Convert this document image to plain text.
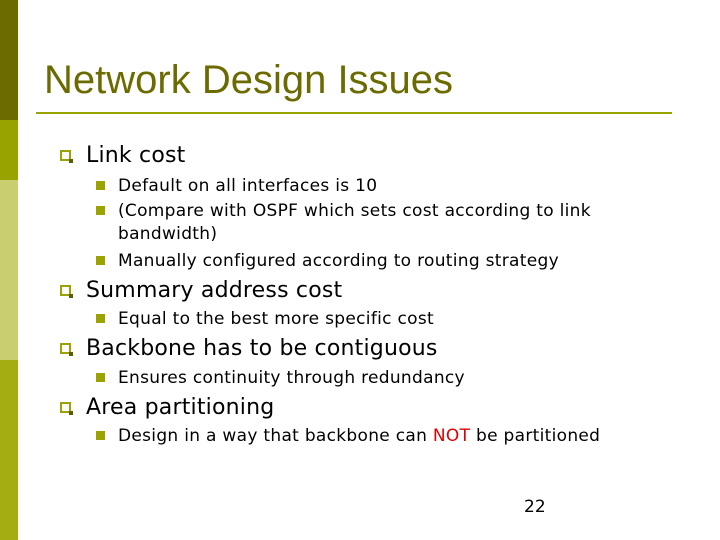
Network Design Issues
Link cost
Default on all interfaces is 10
(Compare with OSPF which sets cost according to link
bandwidth)
Manually configured according to routing strategy
Summary address cost
Equal to the best more specific cost
Backbone has to be contiguous
Ensures continuity through redundancy
Area partitioning
Design in a way that backbone can NOT be partitioned
22
